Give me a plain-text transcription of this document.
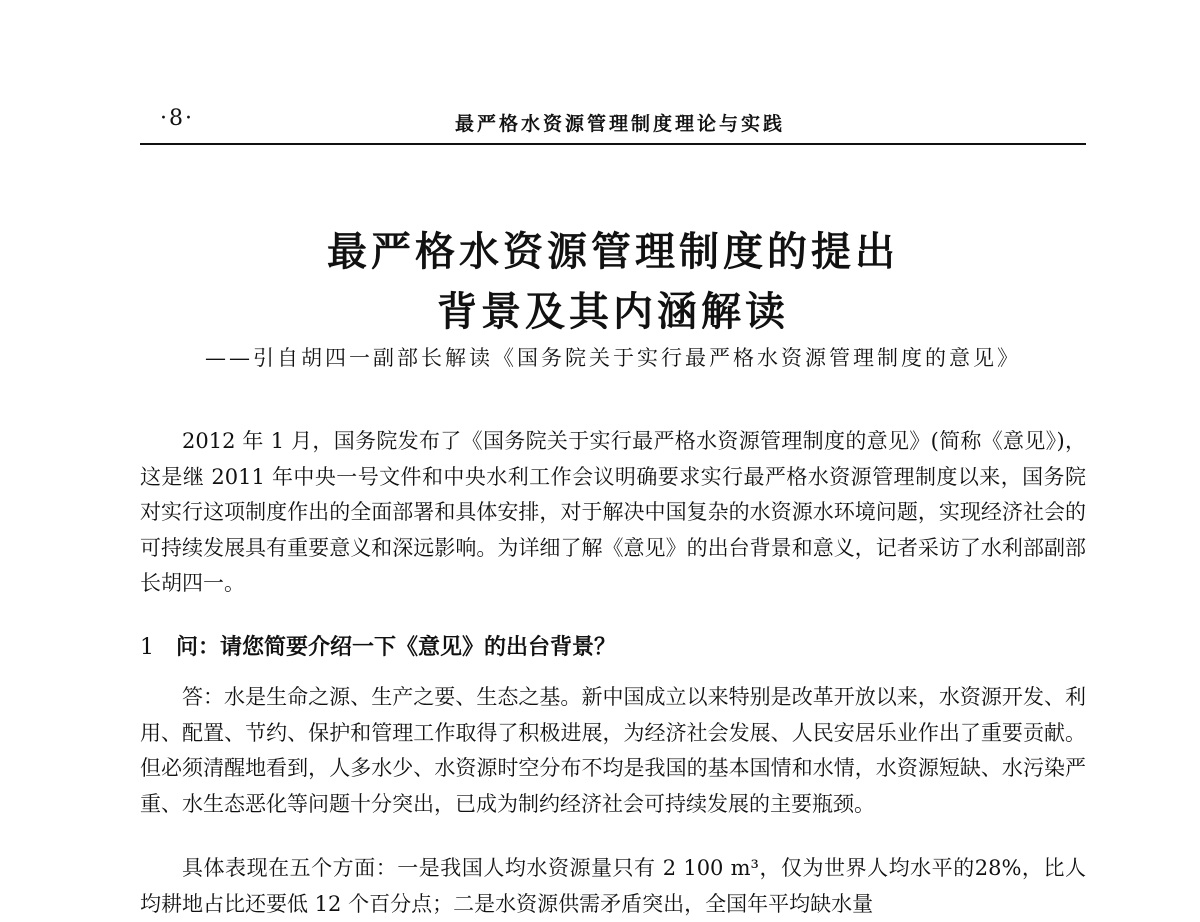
·8·	最严格水资源管理制度理论与实践
最严格水资源管理制度的提出
背景及其内涵解读
——引自胡四一副部长解读《国务院关于实行最严格水资源管理制度的意见》

2012 年 1 月，国务院发布了《国务院关于实行最严格水资源管理制度的意见》(简称《意见》)，这是继 2011 年中央一号文件和中央水利工作会议明确要求实行最严格水资源管理制度以来，国务院对实行这项制度作出的全面部署和具体安排，对于解决中国复杂的水资源水环境问题，实现经济社会的可持续发展具有重要意义和深远影响。为详细了解《意见》的出台背景和意义，记者采访了水利部副部长胡四一。

1 问：请您简要介绍一下《意见》的出台背景？

答：水是生命之源、生产之要、生态之基。新中国成立以来特别是改革开放以来，水资源开发、利用、配置、节约、保护和管理工作取得了积极进展，为经济社会发展、人民安居乐业作出了重要贡献。但必须清醒地看到，人多水少、水资源时空分布不均是我国的基本国情和水情，水资源短缺、水污染严重、水生态恶化等问题十分突出，已成为制约经济社会可持续发展的主要瓶颈。

具体表现在五个方面：一是我国人均水资源量只有 2 100 m³，仅为世界人均水平的28%，比人均耕地占比还要低 12 个百分点；二是水资源供需矛盾突出，全国年平均缺水量
